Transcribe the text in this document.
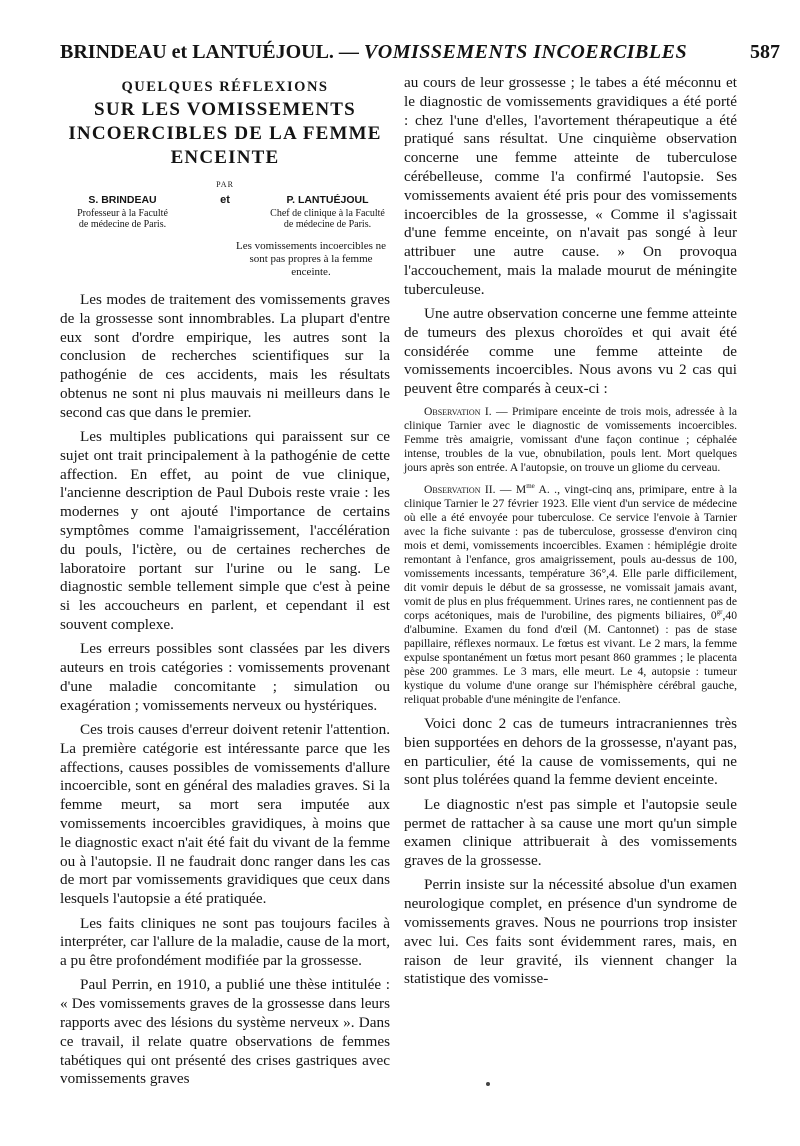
BRINDEAU et LANTUÉJOUL. — VOMISSEMENTS INCOERCIBLES	587
QUELQUES RÉFLEXIONS
SUR LES VOMISSEMENTS
INCOERCIBLES DE LA FEMME
ENCEINTE
PAR
S. BRINDEAU
Professeur à la Faculté
de médecine de Paris.
et	P. LANTUÉJOUL
Chef de clinique à la Faculté
de médecine de Paris.
Les vomissements incoercibles ne sont pas propres à la femme enceinte.

Les modes de traitement des vomissements graves de la grossesse sont innombrables. La plupart d'entre eux sont d'ordre empirique, les autres sont la conclusion de recherches scientifiques sur la pathogénie de ces accidents, mais les résultats obtenus ne sont ni plus mauvais ni meilleurs dans le second cas que dans le premier.

Les multiples publications qui paraissent sur ce sujet ont trait principalement à la pathogénie de cette affection. En effet, au point de vue clinique, l'ancienne description de Paul Dubois reste vraie : les modernes y ont ajouté l'importance de certains symptômes comme l'amaigrissement, l'accélération du pouls, l'ictère, ou de certaines recherches de laboratoire portant sur l'urine ou le sang. Le diagnostic semble tellement simple que c'est à peine si les accoucheurs en parlent, et cependant il est souvent complexe.

Les erreurs possibles sont classées par les divers auteurs en trois catégories : vomissements provenant d'une maladie concomitante ; simulation ou exagération ; vomissements nerveux ou hystériques.

Ces trois causes d'erreur doivent retenir l'attention. La première catégorie est intéressante parce que les affections, causes possibles de vomissements d'allure incoercible, sont en général des maladies graves. Si la femme meurt, sa mort sera imputée aux vomissements incoercibles gravidiques, à moins que le diagnostic exact n'ait été fait du vivant de la femme ou à l'autopsie. Il ne faudrait donc ranger dans les cas de mort par vomissements gravidiques que ceux dans lesquels l'autopsie a été pratiquée.

Les faits cliniques ne sont pas toujours faciles à interpréter, car l'allure de la maladie, cause de la mort, a pu être profondément modifiée par la grossesse.

Paul Perrin, en 1910, a publié une thèse intitulée : « Des vomissements graves de la grossesse dans leurs rapports avec des lésions du système nerveux ». Dans ce travail, il relate quatre observations de femmes tabétiques qui ont présenté des crises gastriques avec vomissements graves

au cours de leur grossesse ; le tabes a été méconnu et le diagnostic de vomissements gravidiques a été porté : chez l'une d'elles, l'avortement thérapeutique a été pratiqué sans résultat. Une cinquième observation concerne une femme atteinte de tuberculose cérébelleuse, comme l'a confirmé l'autopsie. Ses vomissements avaient été pris pour des vomissements incoercibles de la grossesse, « Comme il s'agissait d'une femme enceinte, on n'avait pas songé à leur attribuer une autre cause. » On provoqua l'accouchement, mais la malade mourut de méningite tuberculeuse.

Une autre observation concerne une femme atteinte de tumeurs des plexus choroïdes et qui avait été considérée comme une femme atteinte de vomissements incoercibles. Nous avons vu 2 cas qui peuvent être comparés à ceux-ci :

Observation I. — Primipare enceinte de trois mois, adressée à la clinique Tarnier avec le diagnostic de vomissements incoercibles. Femme très amaigrie, vomissant d'une façon continue ; céphalée intense, troubles de la vue, obnubilation, pouls lent. Mort quelques jours après son entrée. A l'autopsie, on trouve un gliome du cerveau.

Observation II. — $M^{me}$ A. ., vingt-cinq ans, primipare, entre à la clinique Tarnier le 27 février 1923. Elle vient d'un service de médecine où elle a été envoyée pour tuberculose. Ce service l'envoie à Tarnier avec la fiche suivante : pas de tuberculose, grossesse d'environ cinq mois et demi, vomissements incoercibles. Examen : hémiplégie droite remontant à l'enfance, gros amaigrissement, pouls au-dessus de 100, vomissements incessants, température 36°,4. Elle parle difficilement, dit vomir depuis le début de sa grossesse, ne vomissait jamais avant, vomit de plus en plus fréquemment. Urines rares, ne contiennent pas de corps acétoniques, mais de l'urobiline, des pigments biliaires, $0^{gr},40$ d'albumine. Examen du fond d'œil (M. Cantonnet) : pas de stase papillaire, réflexes normaux. Le fœtus est vivant. Le 2 mars, la femme expulse spontanément un fœtus mort pesant 860 grammes ; le placenta pèse 200 grammes. Le 3 mars, elle meurt. Le 4, autopsie : tumeur kystique du volume d'une orange sur l'hémisphère cérébral gauche, reliquat probable d'une méningite de l'enfance.

Voici donc 2 cas de tumeurs intracraniennes très bien supportées en dehors de la grossesse, n'ayant pas, en particulier, été la cause de vomissements, qui ne sont plus tolérées quand la femme devient enceinte.

Le diagnostic n'est pas simple et l'autopsie seule permet de rattacher à sa cause une mort qu'un simple examen clinique attribuerait à des vomissements graves de la grossesse.

Perrin insiste sur la nécessité absolue d'un examen neurologique complet, en présence d'un syndrome de vomissements graves. Nous ne pourrions trop insister avec lui. Ces faits sont évidemment rares, mais, en raison de leur gravité, ils viennent changer la statistique des vomisse-
